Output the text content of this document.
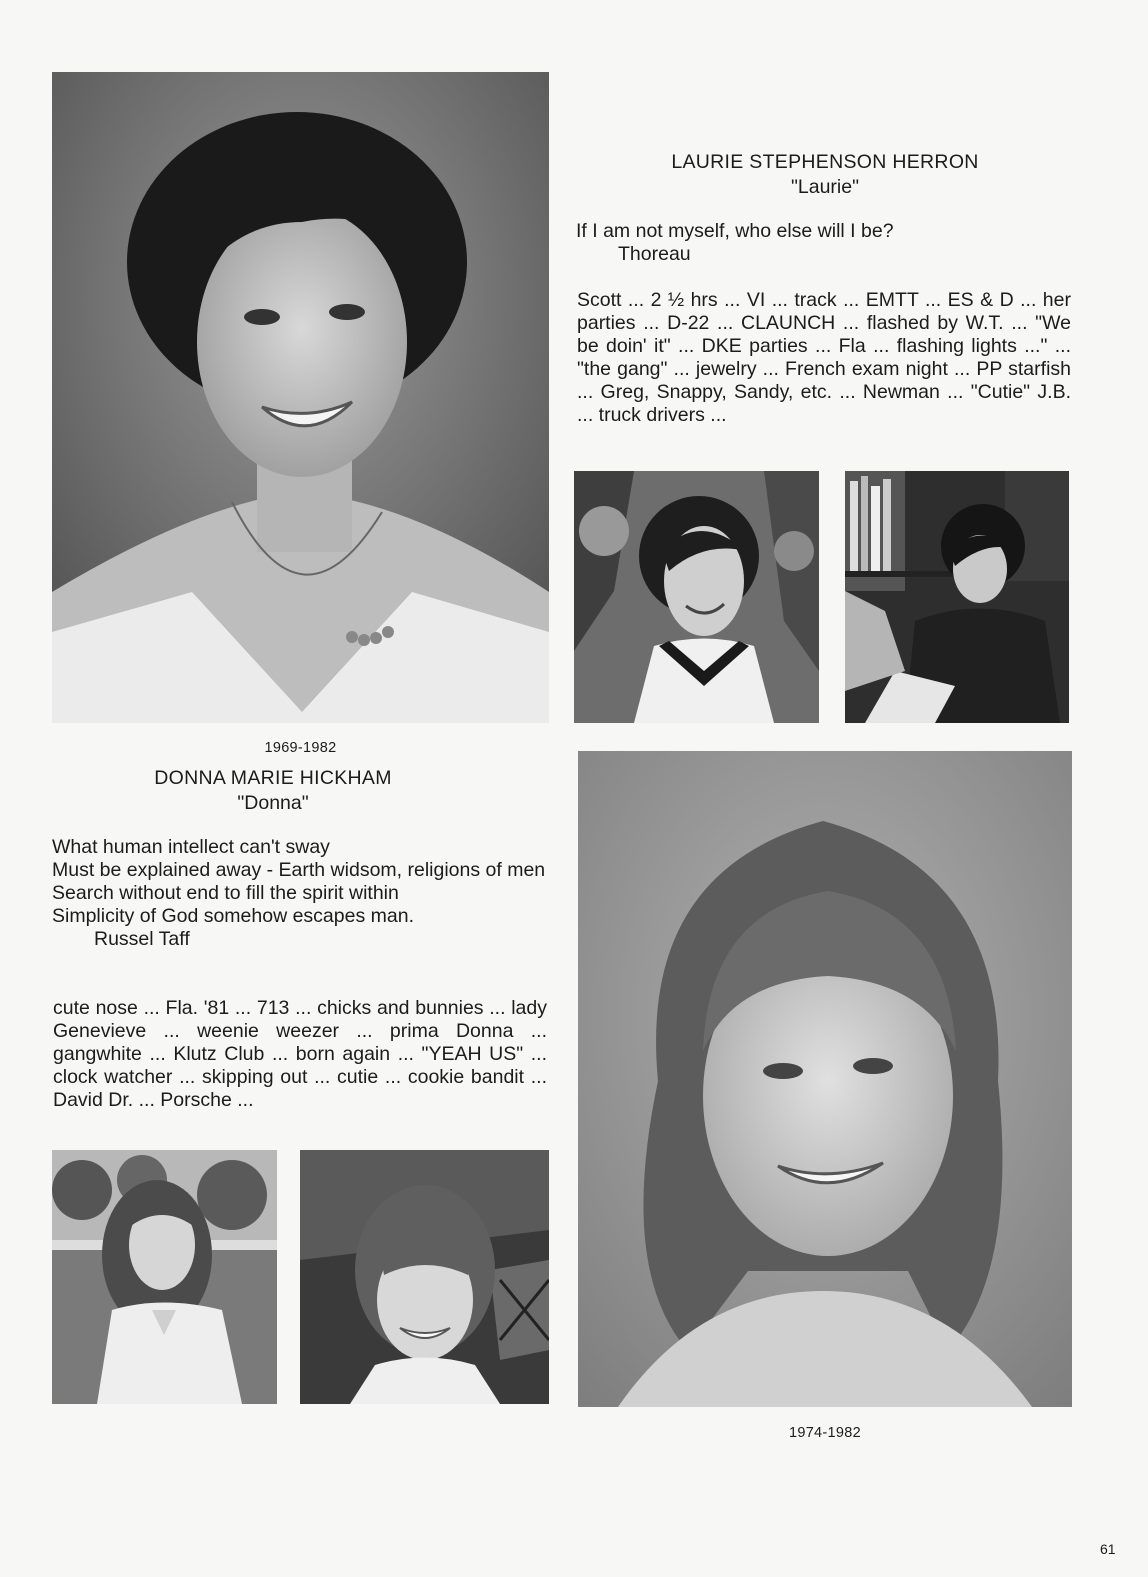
LAURIE STEPHENSON HERRON
"Laurie"
If I am not myself, who else will I be?
Thoreau
Scott ... 2 ½ hrs ... VI ... track ... EMTT ... ES & D ... her parties ... D-22 ... CLAUNCH ... flashed by W.T. ... "We be doin' it" ... DKE parties ... Fla ... flashing lights ..." ... "the gang" ... jewelry ... French exam night ... PP starfish ... Greg, Snappy, Sandy, etc. ... Newman ... "Cutie" J.B. ... truck drivers ...
1969-1982
DONNA MARIE HICKHAM
"Donna"
What human intellect can't sway
Must be explained away - Earth widsom, religions of men
Search without end to fill the spirit within
Simplicity of God somehow escapes man.
Russel Taff
cute nose ... Fla. '81 ... 713 ... chicks and bunnies ... lady Genevieve ... weenie weezer ... prima Donna ... gangwhite ... Klutz Club ... born again ... "YEAH US" ... clock watcher ... skipping out ... cutie ... cookie bandit ... David Dr. ... Porsche ...
1974-1982
61
